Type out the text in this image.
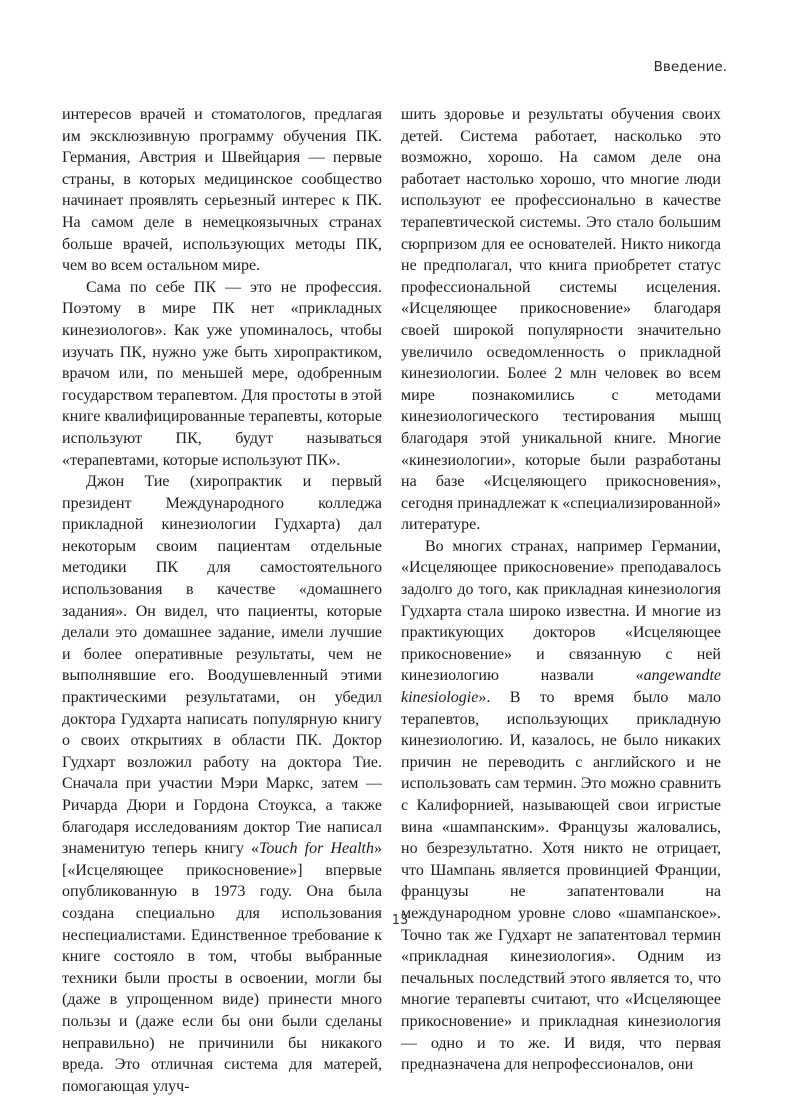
Введение.

интересов врачей и стоматологов, предлагая им эксклюзивную программу обучения ПК. Германия, Австрия и Швейцария — первые страны, в которых медицинское сообщество начинает проявлять серьезный интерес к ПК. На самом деле в немецкоязычных странах больше врачей, использующих методы ПК, чем во всем остальном мире.

Сама по себе ПК — это не профессия. Поэтому в мире ПК нет «прикладных кинезиологов». Как уже упоминалось, чтобы изучать ПК, нужно уже быть хиропрактиком, врачом или, по меньшей мере, одобренным государством терапевтом. Для простоты в этой книге квалифицированные терапевты, которые используют ПК, будут называться «терапевтами, которые используют ПК».

Джон Тие (хиропрактик и первый президент Международного колледжа прикладной кинезиологии Гудхарта) дал некоторым своим пациентам отдельные методики ПК для самостоятельного использования в качестве «домашнего задания». Он видел, что пациенты, которые делали это домашнее задание, имели лучшие и более оперативные результаты, чем не выполнявшие его. Воодушевленный этими практическими результатами, он убедил доктора Гудхарта написать популярную книгу о своих открытиях в области ПК. Доктор Гудхарт возложил работу на доктора Тие. Сначала при участии Мэри Маркс, затем — Ричарда Дюри и Гордона Стоукса, а также благодаря исследованиям доктор Тие написал знаменитую теперь книгу «Touch for Health» [«Исцеляющее прикосновение»] впервые опубликованную в 1973 году. Она была создана специально для использования неспециалистами. Единственное требование к книге состояло в том, чтобы выбранные техники были просты в освоении, могли бы (даже в упрощенном виде) принести много пользы и (даже если бы они были сделаны неправильно) не причинили бы никакого вреда. Это отличная система для матерей, помогающая улуч-

шить здоровье и результаты обучения своих детей. Система работает, насколько это возможно, хорошо. На самом деле она работает настолько хорошо, что многие люди используют ее профессионально в качестве терапевтической системы. Это стало большим сюрпризом для ее основателей. Никто никогда не предполагал, что книга приобретет статус профессиональной системы исцеления. «Исцеляющее прикосновение» благодаря своей широкой популярности значительно увеличило осведомленность о прикладной кинезиологии. Более 2 млн человек во всем мире познакомились с методами кинезиологического тестирования мышц благодаря этой уникальной книге. Многие «кинезиологии», которые были разработаны на базе «Исцеляющего прикосновения», сегодня принадлежат к «специализированной» литературе.

Во многих странах, например Германии, «Исцеляющее прикосновение» преподавалось задолго до того, как прикладная кинезиология Гудхарта стала широко известна. И многие из практикующих докторов «Исцеляющее прикосновение» и связанную с ней кинезиологию назвали «angewandte kinesiologie». В то время было мало терапевтов, использующих прикладную кинезиологию. И, казалось, не было никаких причин не переводить с английского и не использовать сам термин. Это можно сравнить с Калифорнией, называющей свои игристые вина «шампанским». Французы жаловались, но безрезультатно. Хотя никто не отрицает, что Шампань является провинцией Франции, французы не запатентовали на международном уровне слово «шампанское». Точно так же Гудхарт не запатентовал термин «прикладная кинезиология». Одним из печальных последствий этого является то, что многие терапевты считают, что «Исцеляющее прикосновение» и прикладная кинезиология — одно и то же. И видя, что первая предназначена для непрофессионалов, они

13
